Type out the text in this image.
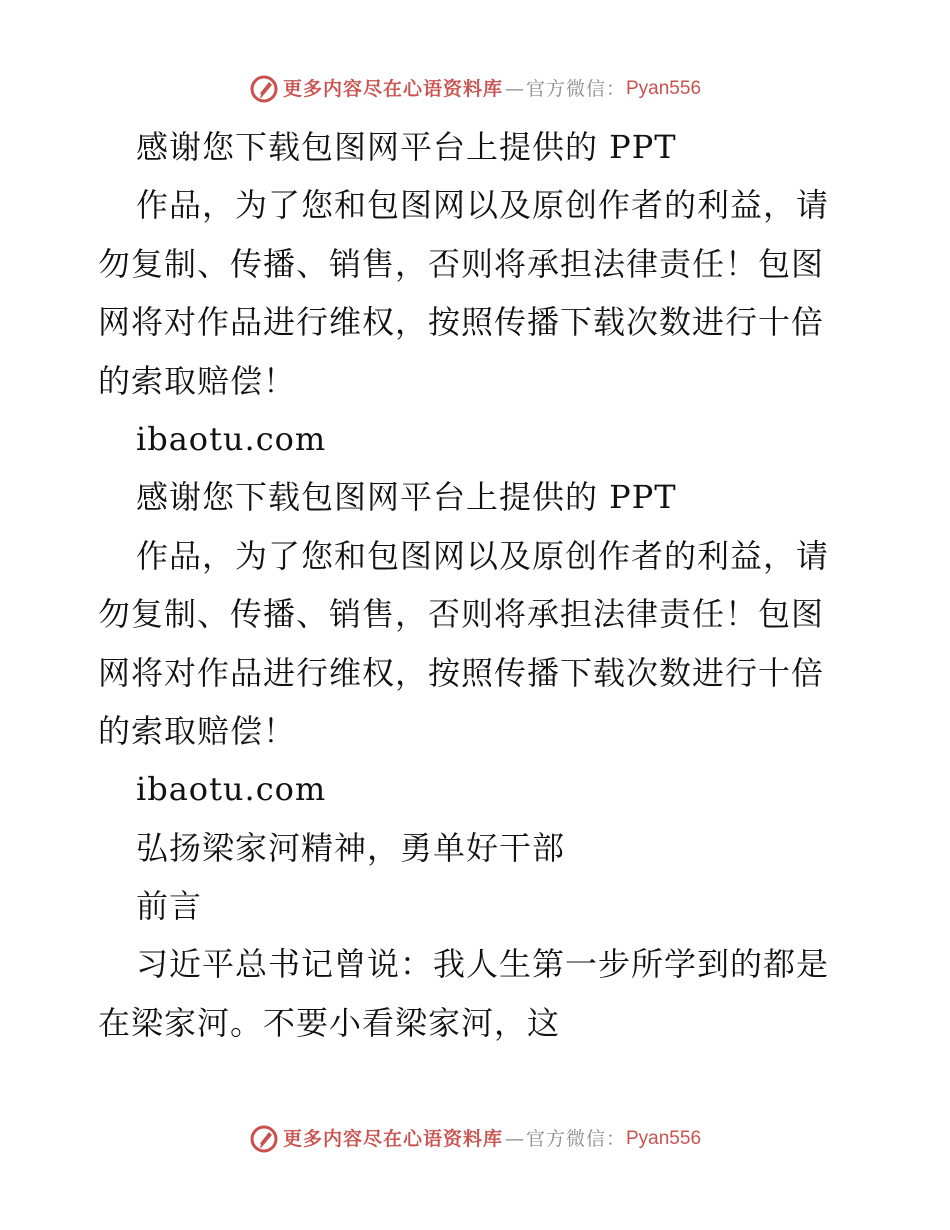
更多内容尽在心语资料库 — 官方微信： Pyan556
感谢您下载包图网平台上提供的 PPT
作品，为了您和包图网以及原创作者的利益，请
勿复制、传播、销售，否则将承担法律责任！包图
网将对作品进行维权，按照传播下载次数进行十倍
的索取赔偿！
ibaotu.com
感谢您下载包图网平台上提供的 PPT
作品，为了您和包图网以及原创作者的利益，请
勿复制、传播、销售，否则将承担法律责任！包图
网将对作品进行维权，按照传播下载次数进行十倍
的索取赔偿！
ibaotu.com
弘扬梁家河精神，勇单好干部
前言
习近平总书记曾说：我人生第一步所学到的都是
在梁家河。不要小看梁家河，这
更多内容尽在心语资料库 — 官方微信： Pyan556
